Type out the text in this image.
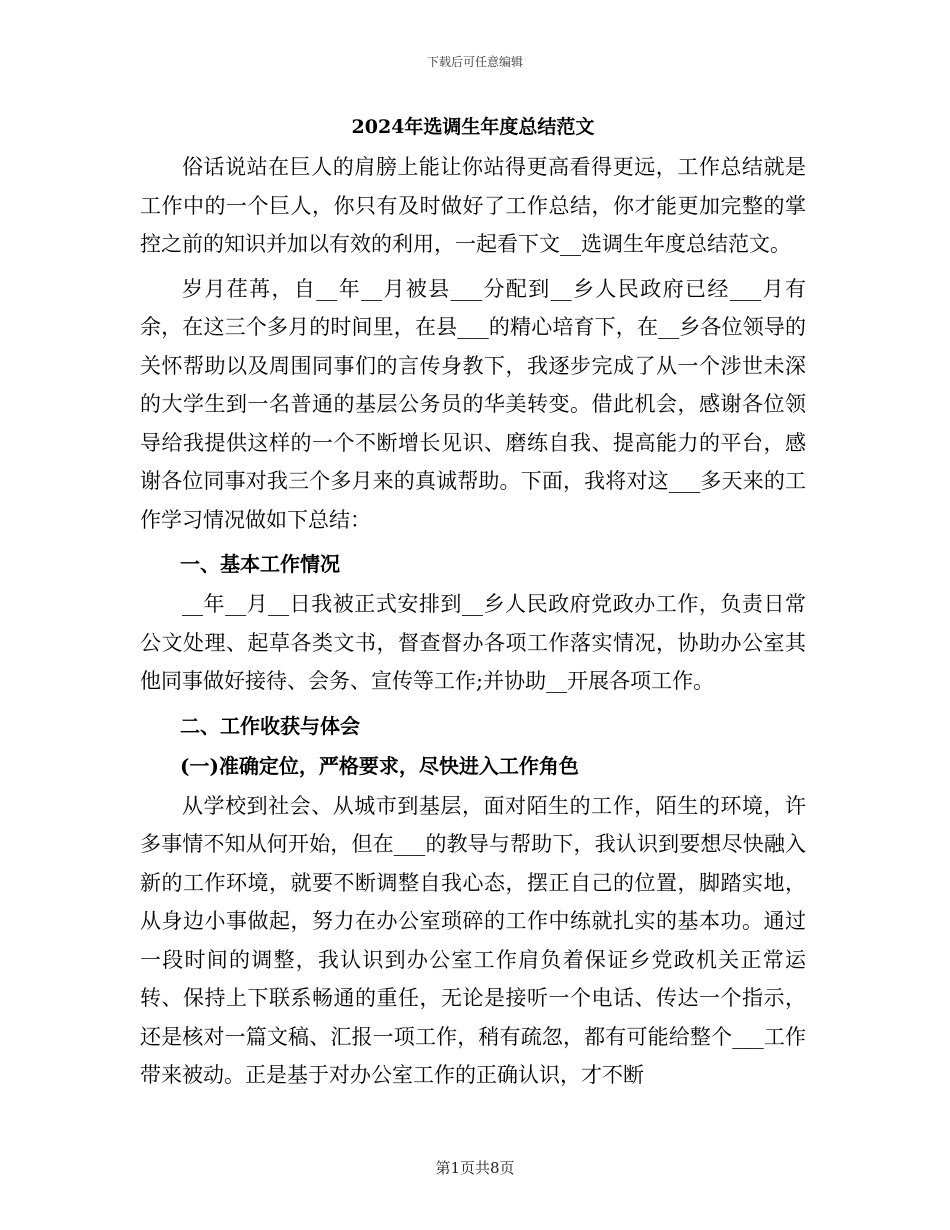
下载后可任意编辑
2024年选调生年度总结范文

俗话说站在巨人的肩膀上能让你站得更高看得更远，工作总结就是工作中的一个巨人，你只有及时做好了工作总结，你才能更加完整的掌控之前的知识并加以有效的利用，一起看下文__选调生年度总结范文。

岁月荏苒，自__年__月被县___分配到__乡人民政府已经___月有余，在这三个多月的时间里，在县___的精心培育下，在__乡各位领导的关怀帮助以及周围同事们的言传身教下，我逐步完成了从一个涉世未深的大学生到一名普通的基层公务员的华美转变。借此机会，感谢各位领导给我提供这样的一个不断增长见识、磨练自我、提高能力的平台，感谢各位同事对我三个多月来的真诚帮助。下面，我将对这___多天来的工作学习情况做如下总结：

一、基本工作情况

__年__月__日我被正式安排到__乡人民政府党政办工作，负责日常公文处理、起草各类文书，督查督办各项工作落实情况，协助办公室其他同事做好接待、会务、宣传等工作;并协助__开展各项工作。

二、工作收获与体会
(一)准确定位，严格要求，尽快进入工作角色

从学校到社会、从城市到基层，面对陌生的工作，陌生的环境，许多事情不知从何开始，但在___的教导与帮助下，我认识到要想尽快融入新的工作环境，就要不断调整自我心态，摆正自己的位置，脚踏实地，从身边小事做起，努力在办公室琐碎的工作中练就扎实的基本功。通过一段时间的调整，我认识到办公室工作肩负着保证乡党政机关正常运转、保持上下联系畅通的重任，无论是接听一个电话、传达一个指示，还是核对一篇文稿、汇报一项工作，稍有疏忽，都有可能给整个___工作带来被动。正是基于对办公室工作的正确认识，才不断

第1页共8页
